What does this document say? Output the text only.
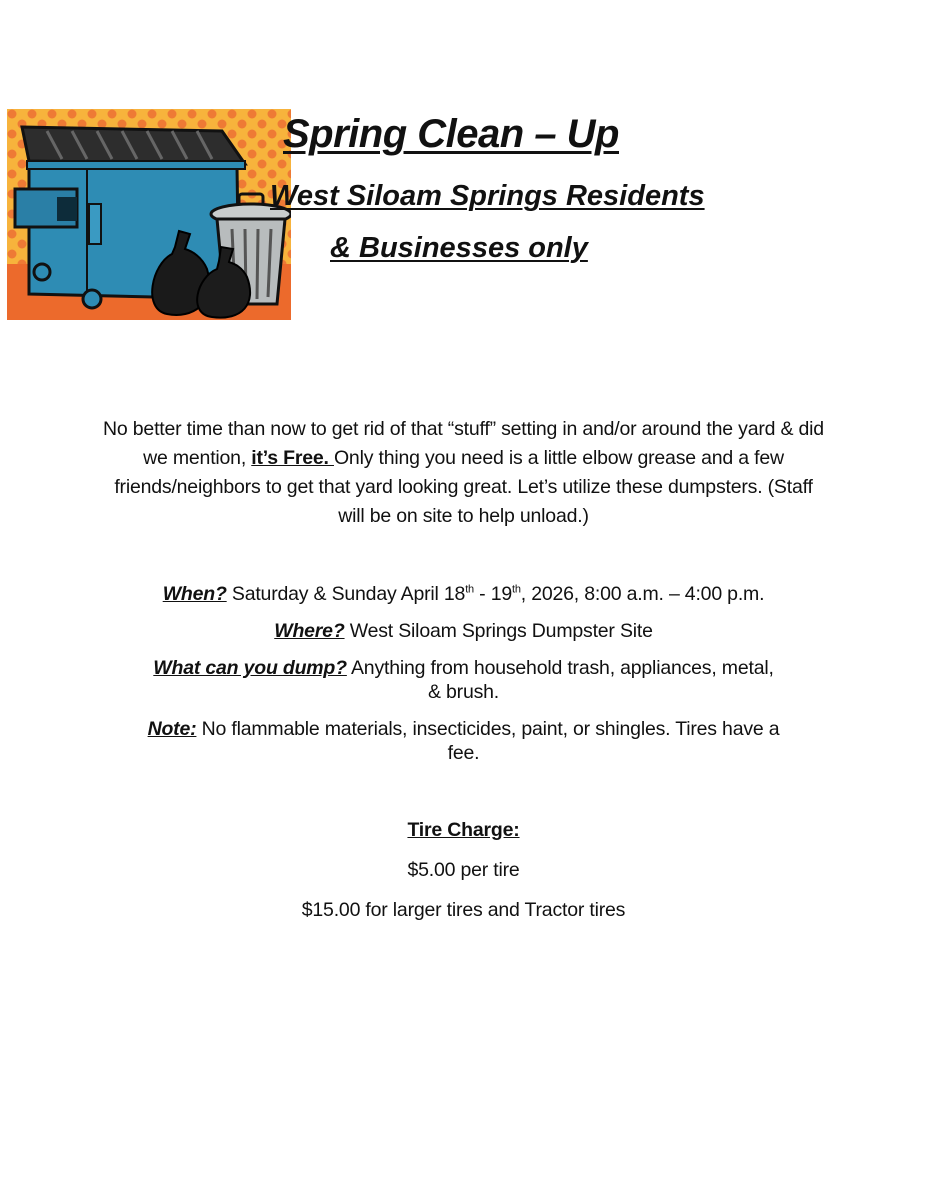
Spring Clean – Up
West Siloam Springs Residents
& Businesses only
No better time than now to get rid of that “stuff” setting in and/or around the yard & did we mention, it’s Free. Only thing you need is a little elbow grease and a few friends/neighbors to get that yard looking great. Let’s utilize these dumpsters. (Staff will be on site to help unload.)
When? Saturday & Sunday April 18th - 19th, 2026, 8:00 a.m. – 4:00 p.m.
Where? West Siloam Springs Dumpster Site
What can you dump? Anything from household trash, appliances, metal,
& brush.
Note: No flammable materials, insecticides, paint, or shingles. Tires have a
fee.
Tire Charge:
$5.00 per tire
$15.00 for larger tires and Tractor tires
